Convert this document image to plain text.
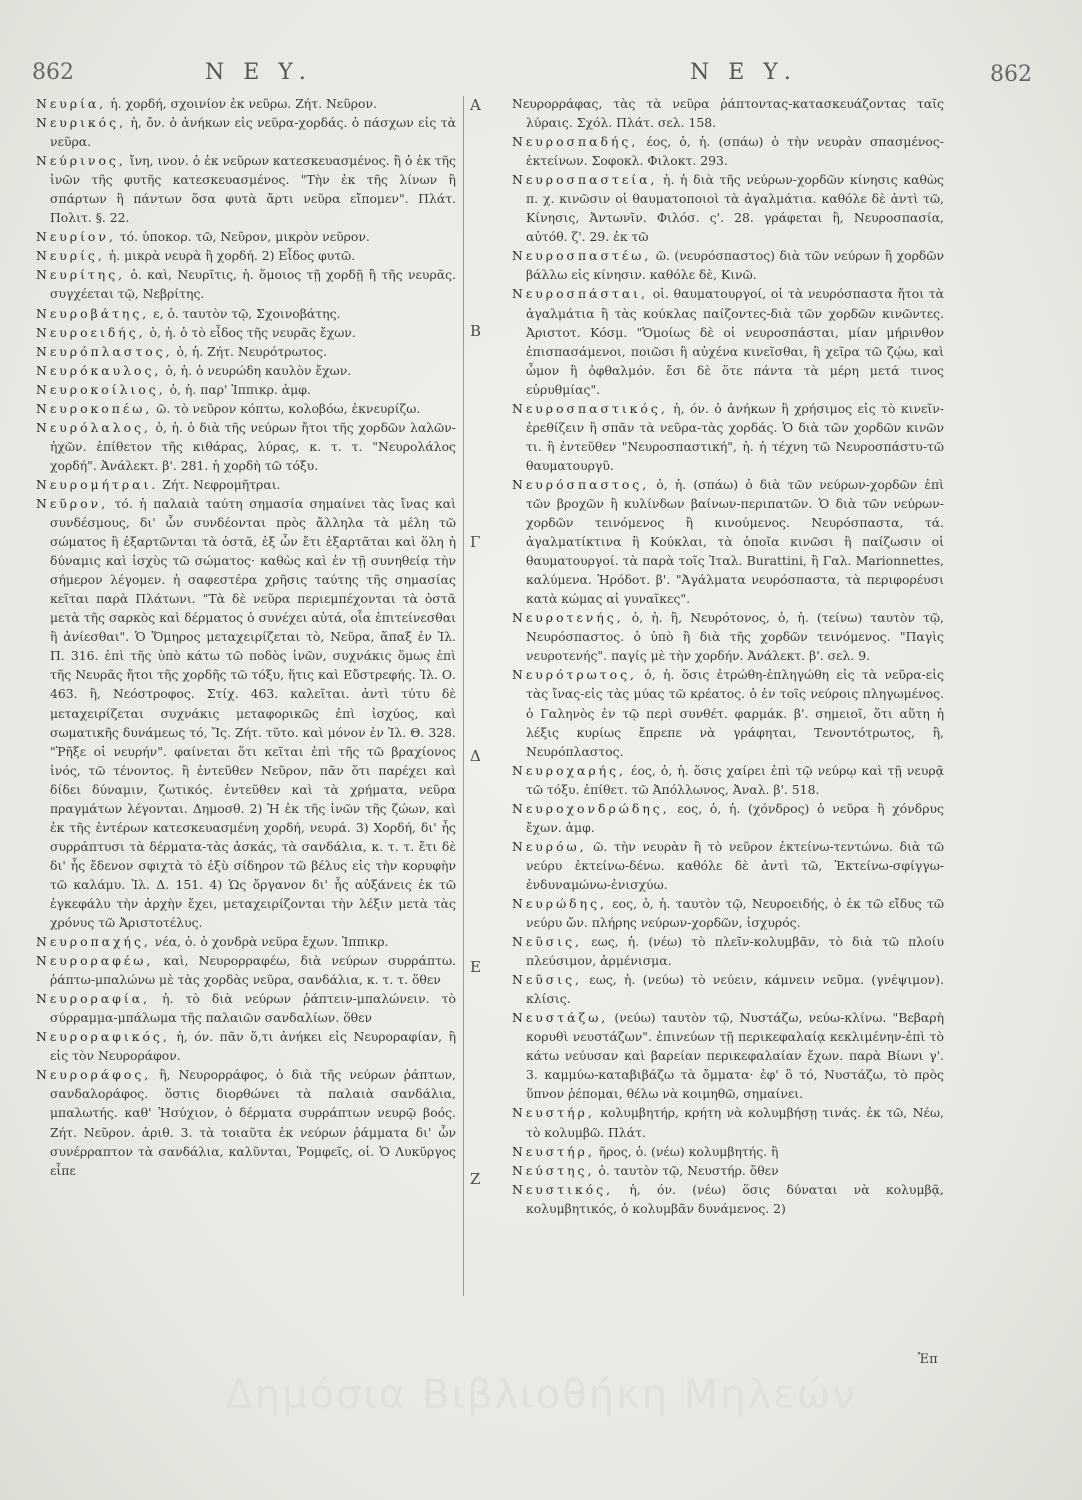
862	Ν Ε Υ.	Ν Ε Υ.	862
Α
Β
Γ
Δ
Ε
Ζ

Νευρία, ἡ. χορδή, σχοινίον ἐκ νεῦρω. Ζήτ. Νεῦρον.

Νευρικός, ἡ, ὄν. ὁ ἀνήκων εἰς νεῦρα-χορδάς. ὁ πάσχων εἰς τὰ νεῦρα.

Νεύρινος, ἴνη, ινον. ὁ ἐκ νεῦρων κατεσκευασμένος. ἢ ὁ ἐκ τῆς ἰνῶν τῆς φυτῆς κατεσκευασμένος. "Τὴν ἐκ τῆς λίνων ἢ σπάρτων ἢ πάντων ὅσα φυτὰ ἄρτι νεῦρα εἴπομεν". Πλάτ. Πολιτ. §. 22.

Νευρίον, τό. ὑποκορ. τῶ, Νεῦρον, μικρὸν νεῦρον.

Νευρίς, ἡ. μικρὰ νευρὰ ἢ χορδή. 2) Εἶδος φυτῶ.

Νευρίτης, ὁ. καὶ, Νευρῖτις, ἡ. ὅμοιος τῇ χορδῇ ἢ τῆς νευρᾶς. συγχέεται τῷ, Νεβρίτης.

Νευροβάτης, ε, ὁ. ταυτὸν τῷ, Σχοινοβάτης.

Νευροειδής, ὁ, ἡ. ὁ τὸ εἶδος τῆς νευρᾶς ἔχων.

Νευρόπλαστος, ὁ, ἡ. Ζήτ. Νευρότρωτος.

Νευρόκαυλος, ὁ, ἡ. ὁ νευρώδη καυλὸν ἔχων.

Νευροκοίλιος, ὁ, ἡ. παρ' Ἱππικρ. ἀμφ.

Νευροκοπέω, ῶ. τὸ νεῦρον κόπτω, κολοβόω, ἐκνευρίζω.

Νευρόλαλος, ὁ, ἡ. ὁ διὰ τῆς νεύρων ἤτοι τῆς χορδῶν λαλῶν-ἠχῶν. ἐπίθετον τῆς κιθάρας, λύρας, κ. τ. τ. "Νευρολάλος χορδή". Ἀνάλεκτ. β'. 281. ἡ χορδὴ τῶ τόξυ.

Νευρομήτραι. Ζήτ. Νεφρομῆτραι.

Νεῦρον, τό. ἡ παλαιὰ ταύτη σημασία σημαίνει τὰς ἴνας καὶ συνδέσμους, δι' ὧν συνδέονται πρὸς ἄλληλα τὰ μέλη τῶ σώματος ἢ ἐξαρτῶνται τὰ ὀστᾶ, ἐξ ὧν ἔτι ἐξαρτᾶται καὶ ὅλη ἡ δύναμις καὶ ἰσχὺς τῶ σώματος· καθὼς καὶ ἐν τῇ συνηθείᾳ τὴν σήμερον λέγομεν. ἡ σαφεστέρα χρῆσις ταύτης τῆς σημασίας κεῖται παρὰ Πλάτωνι. "Τὰ δὲ νεῦρα περιεμπέχονται τὰ ὀστᾶ μετὰ τῆς σαρκὸς καὶ δέρματος ὁ συνέχει αὐτά, οἷα ἐπιτείνεσθαι ἢ ἀνίεσθαι". Ὁ Ὅμηρος μεταχειρίζεται τὸ, Νεῦρα, ἅπαξ ἐν Ἰλ. Π. 316. ἐπὶ τῆς ὑπὸ κάτω τῶ ποδὸς ἰνῶν, συχνάκις ὅμως ἐπὶ τῆς Νευρᾶς ἤτοι τῆς χορδῆς τῶ τόξυ, ἥτις καὶ Εὔστρεφής. Ἰλ. Ο. 463. ἢ, Νεόστροφος. Στίχ. 463. καλεῖται. ἀντὶ τύτυ δὲ μεταχειρίζεται συχνάκις μεταφορικῶς ἐπὶ ἰσχύος, καὶ σωματικῆς δυνάμεως τό, Ἴς. Ζήτ. τῦτο. καὶ μόνον ἐν Ἰλ. Θ. 328. "Ῥῆξε οἱ νευρήν". φαίνεται ὅτι κεῖται ἐπὶ τῆς τῶ βραχίονος ἰνός, τῶ τένοντος. ἢ ἐντεῦθεν Νεῦρον, πᾶν ὅτι παρέχει καὶ δίδει δύναμιν, ζωτικός. ἐντεῦθεν καὶ τὰ χρήματα, νεῦρα πραγμάτων λέγονται. Δημοσθ. 2) Ἡ ἐκ τῆς ἰνῶν τῆς ζώων, καὶ ἐκ τῆς ἐντέρων κατεσκευασμένη χορδή, νευρά. 3) Χορδή, δι' ἧς συρράπτυσι τὰ δέρματα-τὰς ἀσκάς, τὰ σανδάλια, κ. τ. τ. ἔτι δὲ δι' ἧς ἔδενον σφιχτὰ τὸ ἐξὺ σίδηρον τῶ βέλυς εἰς τὴν κορυφὴν τῶ καλάμυ. Ἰλ. Δ. 151. 4) Ὡς ὄργανον δι' ἧς αὐξάνεις ἐκ τῶ ἐγκεφάλυ τὴν ἀρχὴν ἔχει, μεταχειρίζονται τὴν λέξιν μετὰ τὰς χρόνυς τῶ Ἀριστοτέλυς.

Νευροπαχής, νέα, ὁ. ὁ χονδρὰ νεῦρα ἔχων. Ἱππικρ.

Νευροραφέω, καὶ, Νευρορραφέω, διὰ νεύρων συρράπτω. ῥάπτω-μπαλώνω μὲ τὰς χορδὰς νεῦρα, σανδάλια, κ. τ. τ. ὅθεν

Νευροραφία, ἡ. τὸ διὰ νεύρων ῥάπτειν-μπαλώνειν. τὸ σύρραμμα-μπάλωμα τῆς παλαιῶν σανδαλίων. ὅθεν

Νευροραφικός, ἡ, όν. πᾶν ὅ,τι ἀνήκει εἰς Νευροραφίαν, ἢ εἰς τὸν Νευροράφον.

Νευροράφος, ἢ, Νευρορράφος, ὁ διὰ τῆς νεύρων ῥάπτων, σανδαλοράφος. ὅστις διορθώνει τὰ παλαιὰ σανδάλια, μπαλωτής. καθ' Ἡσύχιον, ὁ δέρματα συρράπτων νευρῷ βοός. Ζήτ. Νεῦρον. ἀριθ. 3. τὰ τοιαῦτα ἐκ νεύρων ῥάμματα δι' ὧν συνέρραπτον τὰ σανδάλια, καλῦνται, Ῥομφεῖς, οἱ. Ὁ Λυκῦργος εἶπε

Νευρορράφας, τὰς τὰ νεῦρα ῥάπτοντας-κατασκευάζοντας ταῖς λύραις. Σχόλ. Πλάτ. σελ. 158.

Νευροσπαδής, έος, ὁ, ἡ. (σπάω) ὁ τὴν νευρὰν σπασμένος-ἐκτείνων. Σοφοκλ. Φιλοκτ. 293.

Νευροσπαστεία, ἡ. ἡ διὰ τῆς νεύρων-χορδῶν κίνησις καθὼς π. χ. κινῶσιν οἱ θαυματοποιοὶ τὰ ἀγαλμάτια. καθόλε δὲ ἀντὶ τῶ, Κίνησις, Ἀντωνῖν. Φιλόσ. ς'. 28. γράφεται ἢ, Νευροσπασία, αὐτόθ. ζ'. 29. ἐκ τῶ

Νευροσπαστέω, ῶ. (νευρόσπαστος) διὰ τῶν νεύρων ἢ χορδῶν βάλλω εἰς κίνησιν. καθόλε δὲ, Κινῶ.

Νευροσπάσται, οἱ. θαυματουργοί, οἱ τὰ νευρόσπαστα ἤτοι τὰ ἀγαλμάτια ἢ τὰς κούκλας παίζοντες-διὰ τῶν χορδῶν κινῶντες. Ἀριστοτ. Κόσμ. "Ὁμοίως δὲ οἱ νευροσπάσται, μίαν μήρινθον ἐπισπασάμενοι, ποιῶσι ἢ αὐχένα κινεῖσθαι, ἢ χεῖρα τῶ ζῴω, καὶ ὦμον ἢ ὀφθαλμόν. ἔσι δὲ ὅτε πάντα τὰ μέρη μετά τινος εὐρυθμίας".

Νευροσπαστικός, ἡ, όν. ὁ ἀνήκων ἢ χρήσιμος εἰς τὸ κινεῖν-ἐρεθίζειν ἢ σπᾶν τὰ νεῦρα-τὰς χορδάς. Ὁ διὰ τῶν χορδῶν κινῶν τι. ἢ ἐντεῦθεν "Νευροσπαστική", ἡ. ἡ τέχνη τῶ Νευροσπάστυ-τῶ θαυματουργῦ.

Νευρόσπαστος, ὁ, ἡ. (σπάω) ὁ διὰ τῶν νεύρων-χορδῶν ἐπὶ τῶν βροχῶν ἢ κυλίνδων βαίνων-περιπατῶν. Ὁ διὰ τῶν νεύρων-χορδῶν τεινόμενος ἢ κινούμενος. Νευρόσπαστα, τά. ἀγαλματίκτινα ἢ Κούκλαι, τὰ ὁποῖα κινῶσι ἢ παίζωσιν οἱ θαυματουργοί. τὰ παρὰ τοῖς Ἰταλ. Burattini, ἢ Γαλ. Marionnettes, καλύμενα. Ἡρόδοτ. β'. "Ἀγάλματα νευρόσπαστα, τὰ περιφορέυσι κατὰ κώμας αἱ γυναῖκες".

Νευροτενής, ὁ, ἡ. ἢ, Νευρότονος, ὁ, ἡ. (τείνω) ταυτὸν τῷ, Νευρόσπαστος. ὁ ὑπὸ ἢ διὰ τῆς χορδῶν τεινόμενος. "Παγὶς νευροτενής". παγίς μὲ τὴν χορδήν. Ἀνάλεκτ. β'. σελ. 9.

Νευρότρωτος, ὁ, ἡ. ὅσις ἐτρώθη-ἐπληγώθη εἰς τὰ νεῦρα-εἰς τὰς ἴνας-εἰς τὰς μύας τῶ κρέατος. ὁ ἐν τοῖς νεύροις πληγωμένος. ὁ Γαληνὸς ἐν τῷ περὶ συνθέτ. φαρμάκ. β'. σημειοῖ, ὅτι αὕτη ἡ λέξις κυρίως ἔπρεπε νὰ γράφηται, Τενοντότρωτος, ἢ, Νευρόπλαστος.

Νευροχαρής, έος, ὁ, ἡ. ὅσις χαίρει ἐπὶ τῷ νεύρῳ καὶ τῇ νευρᾷ τῶ τόξυ. ἐπίθετ. τῶ Ἀπόλλωνος, Ἀναλ. β'. 518.

Νευροχονδρώδης, εος, ὁ, ἡ. (χόνδρος) ὁ νεῦρα ἢ χόνδρυς ἔχων. ἀμφ.

Νευρόω, ῶ. τὴν νευρὰν ἢ τὸ νεῦρον ἐκτείνω-τεντώνω. διὰ τῶ νεύρυ ἐκτείνω-δένω. καθόλε δὲ ἀντὶ τῶ, Ἐκτείνω-σφίγγω-ἐνδυναμώνω-ἐνισχύω.

Νευρώδης, εος, ὁ, ἡ. ταυτὸν τῷ, Νευροειδής, ὁ ἐκ τῶ εἴδυς τῶ νεύρυ ὤν. πλήρης νεύρων-χορδῶν, ἰσχυρός.

Νεῦσις, εως, ἡ. (νέω) τὸ πλεῖν-κολυμβᾶν, τὸ διὰ τῶ πλοίυ πλεύσιμον, ἁρμένισμα.

Νεῦσις, εως, ἡ. (νεύω) τὸ νεύειν, κάμνειν νεῦμα. (γνέψιμον). κλίσις.

Νευστάζω, (νεύω) ταυτὸν τῷ, Νυστάζω, νεύω-κλίνω. "Βεβαρὴ κορυθὶ νευστάζων". ἐπινεύων τῇ περικεφαλαίᾳ κεκλιμένην-ἐπὶ τὸ κάτω νεύυσαν καὶ βαρείαν περικεφαλαίαν ἔχων. παρὰ Βίωνι γ'. 3. καμμύω-καταβιβάζω τὰ ὄμματα· ἐφ' ὃ τό, Νυστάζω, τὸ πρὸς ὕπνον ῥέπομαι, θέλω νὰ κοιμηθῶ, σημαίνει.

Νευστήρ, κολυμβητήρ, κρήτη νὰ κολυμβήσῃ τινάς. ἐκ τῶ, Νέω, τὸ κολυμβῶ. Πλάτ.

Νευστήρ, ῆρος, ὁ. (νέω) κολυμβητής. ἢ

Νεύστης, ὁ. ταυτὸν τῷ, Νευστήρ. ὅθεν

Νευστικός, ἡ, όν. (νέω) ὅσις δύναται νὰ κολυμβᾷ, κολυμβητικός, ὁ κολυμβᾶν δυνάμενος. 2)

Ἐπ
Δημόσια Βιβλιοθήκη Μηλεών
